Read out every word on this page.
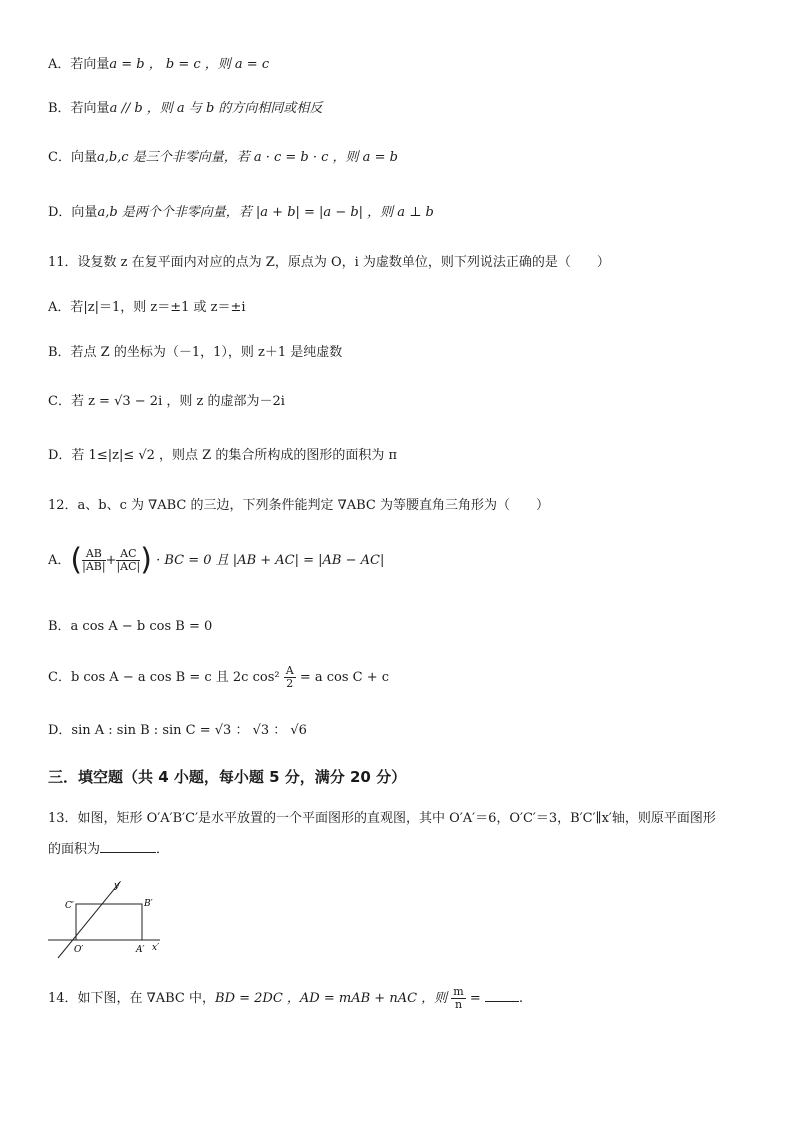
A．若向量a = b ， b = c ，则 a = c
B．若向量a // b ，则 a 与 b 的方向相同或相反
C．向量a,b,c 是三个非零向量，若 a · c = b · c ，则 a = b
D．向量a,b 是两个个非零向量，若 |a + b| = |a − b| ，则 a ⊥ b
11．设复数 z 在复平面内对应的点为 Z，原点为 O，i 为虚数单位，则下列说法正确的是（　　）
A．若|z|＝1，则 z＝±1 或 z＝±i
B．若点 Z 的坐标为（－1，1），则 z＋1 是纯虚数
C．若 z = √3 − 2i ，则 z 的虚部为－2i
D．若 1≤|z|≤ √2 ，则点 Z 的集合所构成的图形的面积为 π
12．a、b、c 为 ∇ABC 的三边，下列条件能判定 ∇ABC 为等腰直角三角形为（　　）
A．( $\frac{AB}{|AB|} + \frac{AC}{|AC|}$ ) · BC = 0 且 |AB + AC| = |AB − AC|
B．a cos A − b cos B = 0
C．b cos A − a cos B = c 且 2c $\cos^2 \frac{A}{2} = a$ cos C + c
D．sin A : sin B : sin C = √3 ： √3 ： √6
三．填空题（共 4 小题，每小题 5 分，满分 20 分）
13．如图，矩形 O′A′B′C′是水平放置的一个平面图形的直观图，其中 O′A′＝6，O′C′＝3，B′C′∥x′轴，则原平面图形
的面积为	．
C′	B′
O′	A′ x′
y′
14．如下图，在 ∇ABC 中，BD = 2DC ，AD = mAB + nAC ，则 $\frac{m}{n}$ =	.
